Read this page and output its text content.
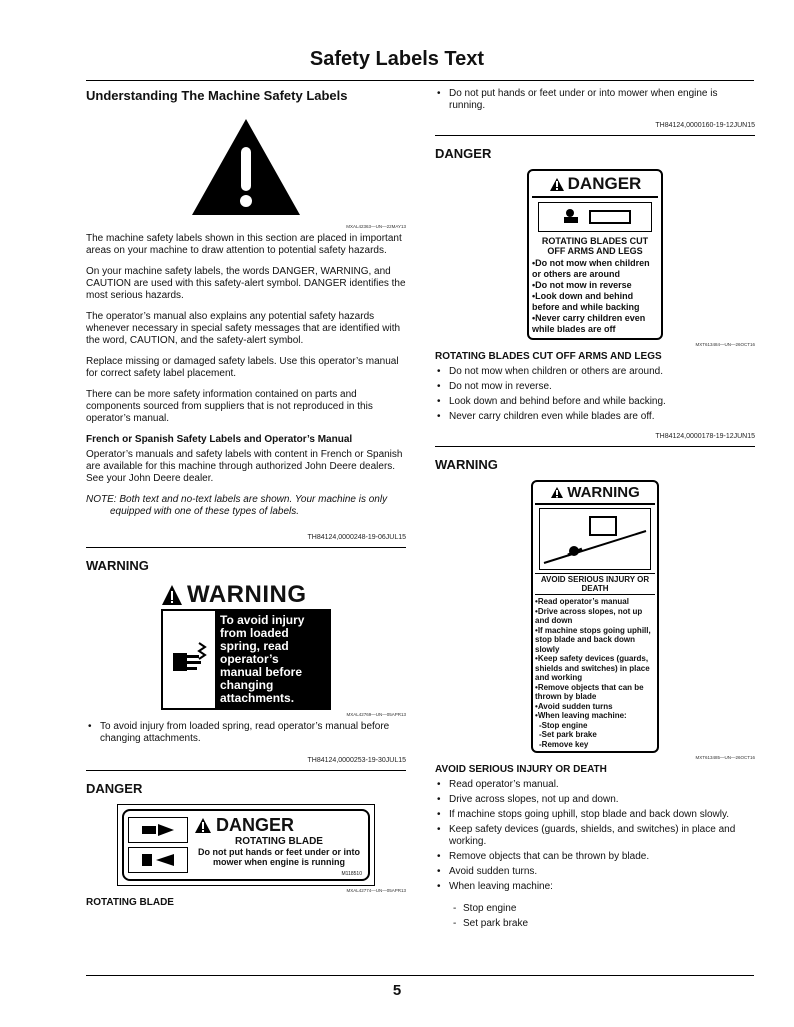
Safety Labels Text
Understanding The Machine Safety Labels
MXAL42363—UN—22MAY13

The machine safety labels shown in this section are placed in important areas on your machine to draw attention to potential safety hazards.

On your machine safety labels, the words DANGER, WARNING, and CAUTION are used with this safety-alert symbol. DANGER identifies the most serious hazards.

The operator’s manual also explains any potential safety hazards whenever necessary in special safety messages that are identified with the word, CAUTION, and the safety-alert symbol.

Replace missing or damaged safety labels. Use this operator’s manual for correct safety label placement.

There can be more safety information contained on parts and components sourced from suppliers that is not reproduced in this operator’s manual.

French or Spanish Safety Labels and Operator’s Manual

Operator’s manuals and safety labels with content in French or Spanish are available for this machine through authorized John Deere dealers. See your John Deere dealer.

NOTE: Both text and no-text labels are shown. Your machine is only
equipped with one of these types of labels.

TH84124,0000248-19-06JUL15
WARNING
WARNING
To avoid injury from loaded spring, read operator’s manual before changing attachments.
MXAL42769—UN—05APR13
• To avoid injury from loaded spring, read operator’s manual before changing attachments.
TH84124,0000253-19-30JUL15
DANGER
DANGER
ROTATING BLADE
Do not put hands or feet under or into mower when engine is running
M118510
MXAL42774—UN—05APR13
ROTATING BLADE
• Do not put hands or feet under or into mower when engine is running.
TH84124,0000160-19-12JUN15
DANGER
DANGER
ROTATING BLADES CUT OFF ARMS AND LEGS
•Do not mow when children or others are around
•Do not mow in reverse
•Look down and behind before and while backing
•Never carry children even while blades are off
MXT613484—UN—26OCT16
ROTATING BLADES CUT OFF ARMS AND LEGS
• Do not mow when children or others are around.
• Do not mow in reverse.
• Look down and behind before and while backing.
• Never carry children even while blades are off.
TH84124,0000178-19-12JUN15
WARNING
WARNING
AVOID SERIOUS INJURY OR DEATH
•Read operator’s manual
•Drive across slopes, not up and down
•If machine stops going uphill, stop blade and back down slowly
•Keep safety devices (guards, shields and switches) in place and working
•Remove objects that can be thrown by blade
•Avoid sudden turns
•When leaving machine:
-Stop engine
-Set park brake
-Remove key
MXT613485—UN—26OCT16
AVOID SERIOUS INJURY OR DEATH
• Read operator’s manual.
• Drive across slopes, not up and down.
• If machine stops going uphill, stop blade and back down slowly.
• Keep safety devices (guards, shields, and switches) in place and working.
• Remove objects that can be thrown by blade.
• Avoid sudden turns.
• When leaving machine:
- Stop engine
- Set park brake
5
